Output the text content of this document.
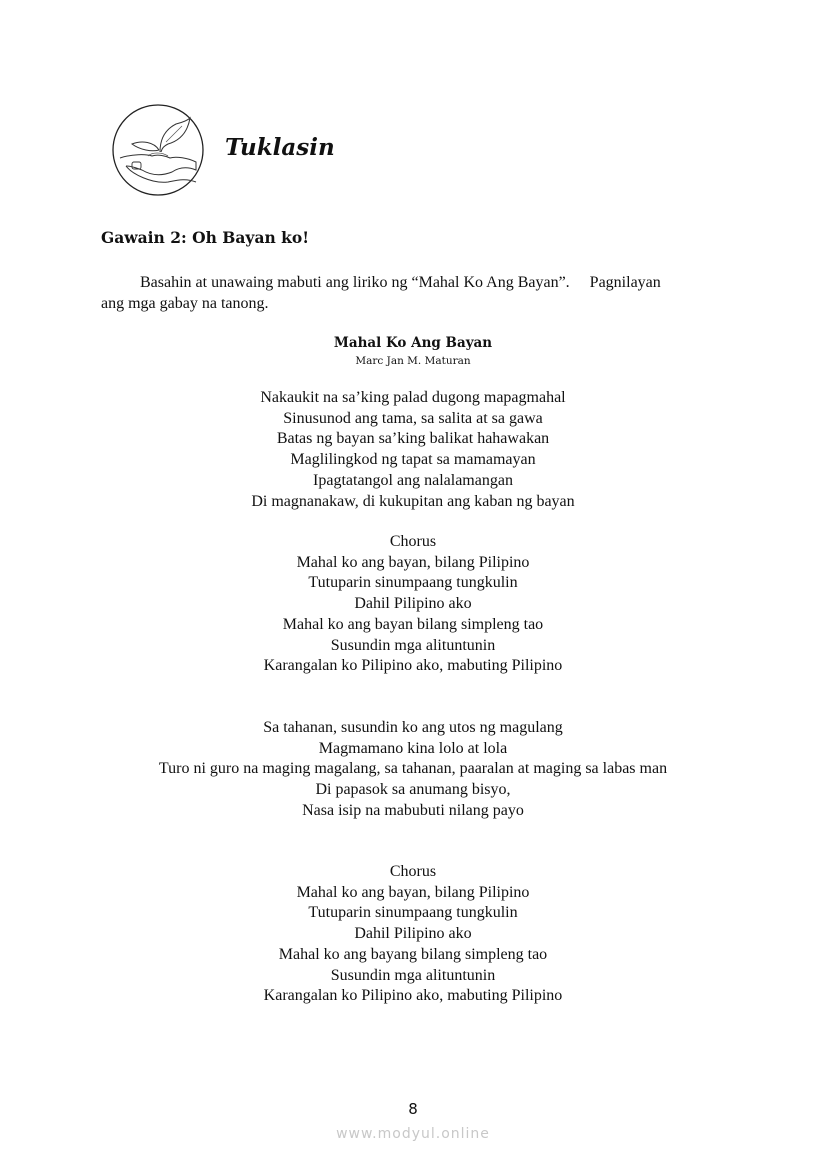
Tuklasin
Gawain 2: Oh Bayan ko!
Basahin at unawaing mabuti ang liriko ng “Mahal Ko Ang Bayan”.     Pagnilayan
ang mga gabay na tanong.
Mahal Ko Ang Bayan
Marc Jan M. Maturan
Nakaukit na sa’king palad dugong mapagmahal
Sinusunod ang tama, sa salita at sa gawa
Batas ng bayan sa’king balikat hahawakan
Maglilingkod ng tapat sa mamamayan
Ipagtatangol ang nalalamangan
Di magnanakaw, di kukupitan ang kaban ng bayan
Chorus
Mahal ko ang bayan, bilang Pilipino
Tutuparin sinumpaang tungkulin
Dahil Pilipino ako
Mahal ko ang bayan bilang simpleng tao
Susundin mga alituntunin
Karangalan ko Pilipino ako, mabuting Pilipino
Sa tahanan, susundin ko ang utos ng magulang
Magmamano kina lolo at lola
Turo ni guro na maging magalang, sa tahanan, paaralan at maging sa labas man
Di papasok sa anumang bisyo,
Nasa isip na mabubuti nilang payo
Chorus
Mahal ko ang bayan, bilang Pilipino
Tutuparin sinumpaang tungkulin
Dahil Pilipino ako
Mahal ko ang bayang bilang simpleng tao
Susundin mga alituntunin
Karangalan ko Pilipino ako, mabuting Pilipino
8
www.modyul.online
